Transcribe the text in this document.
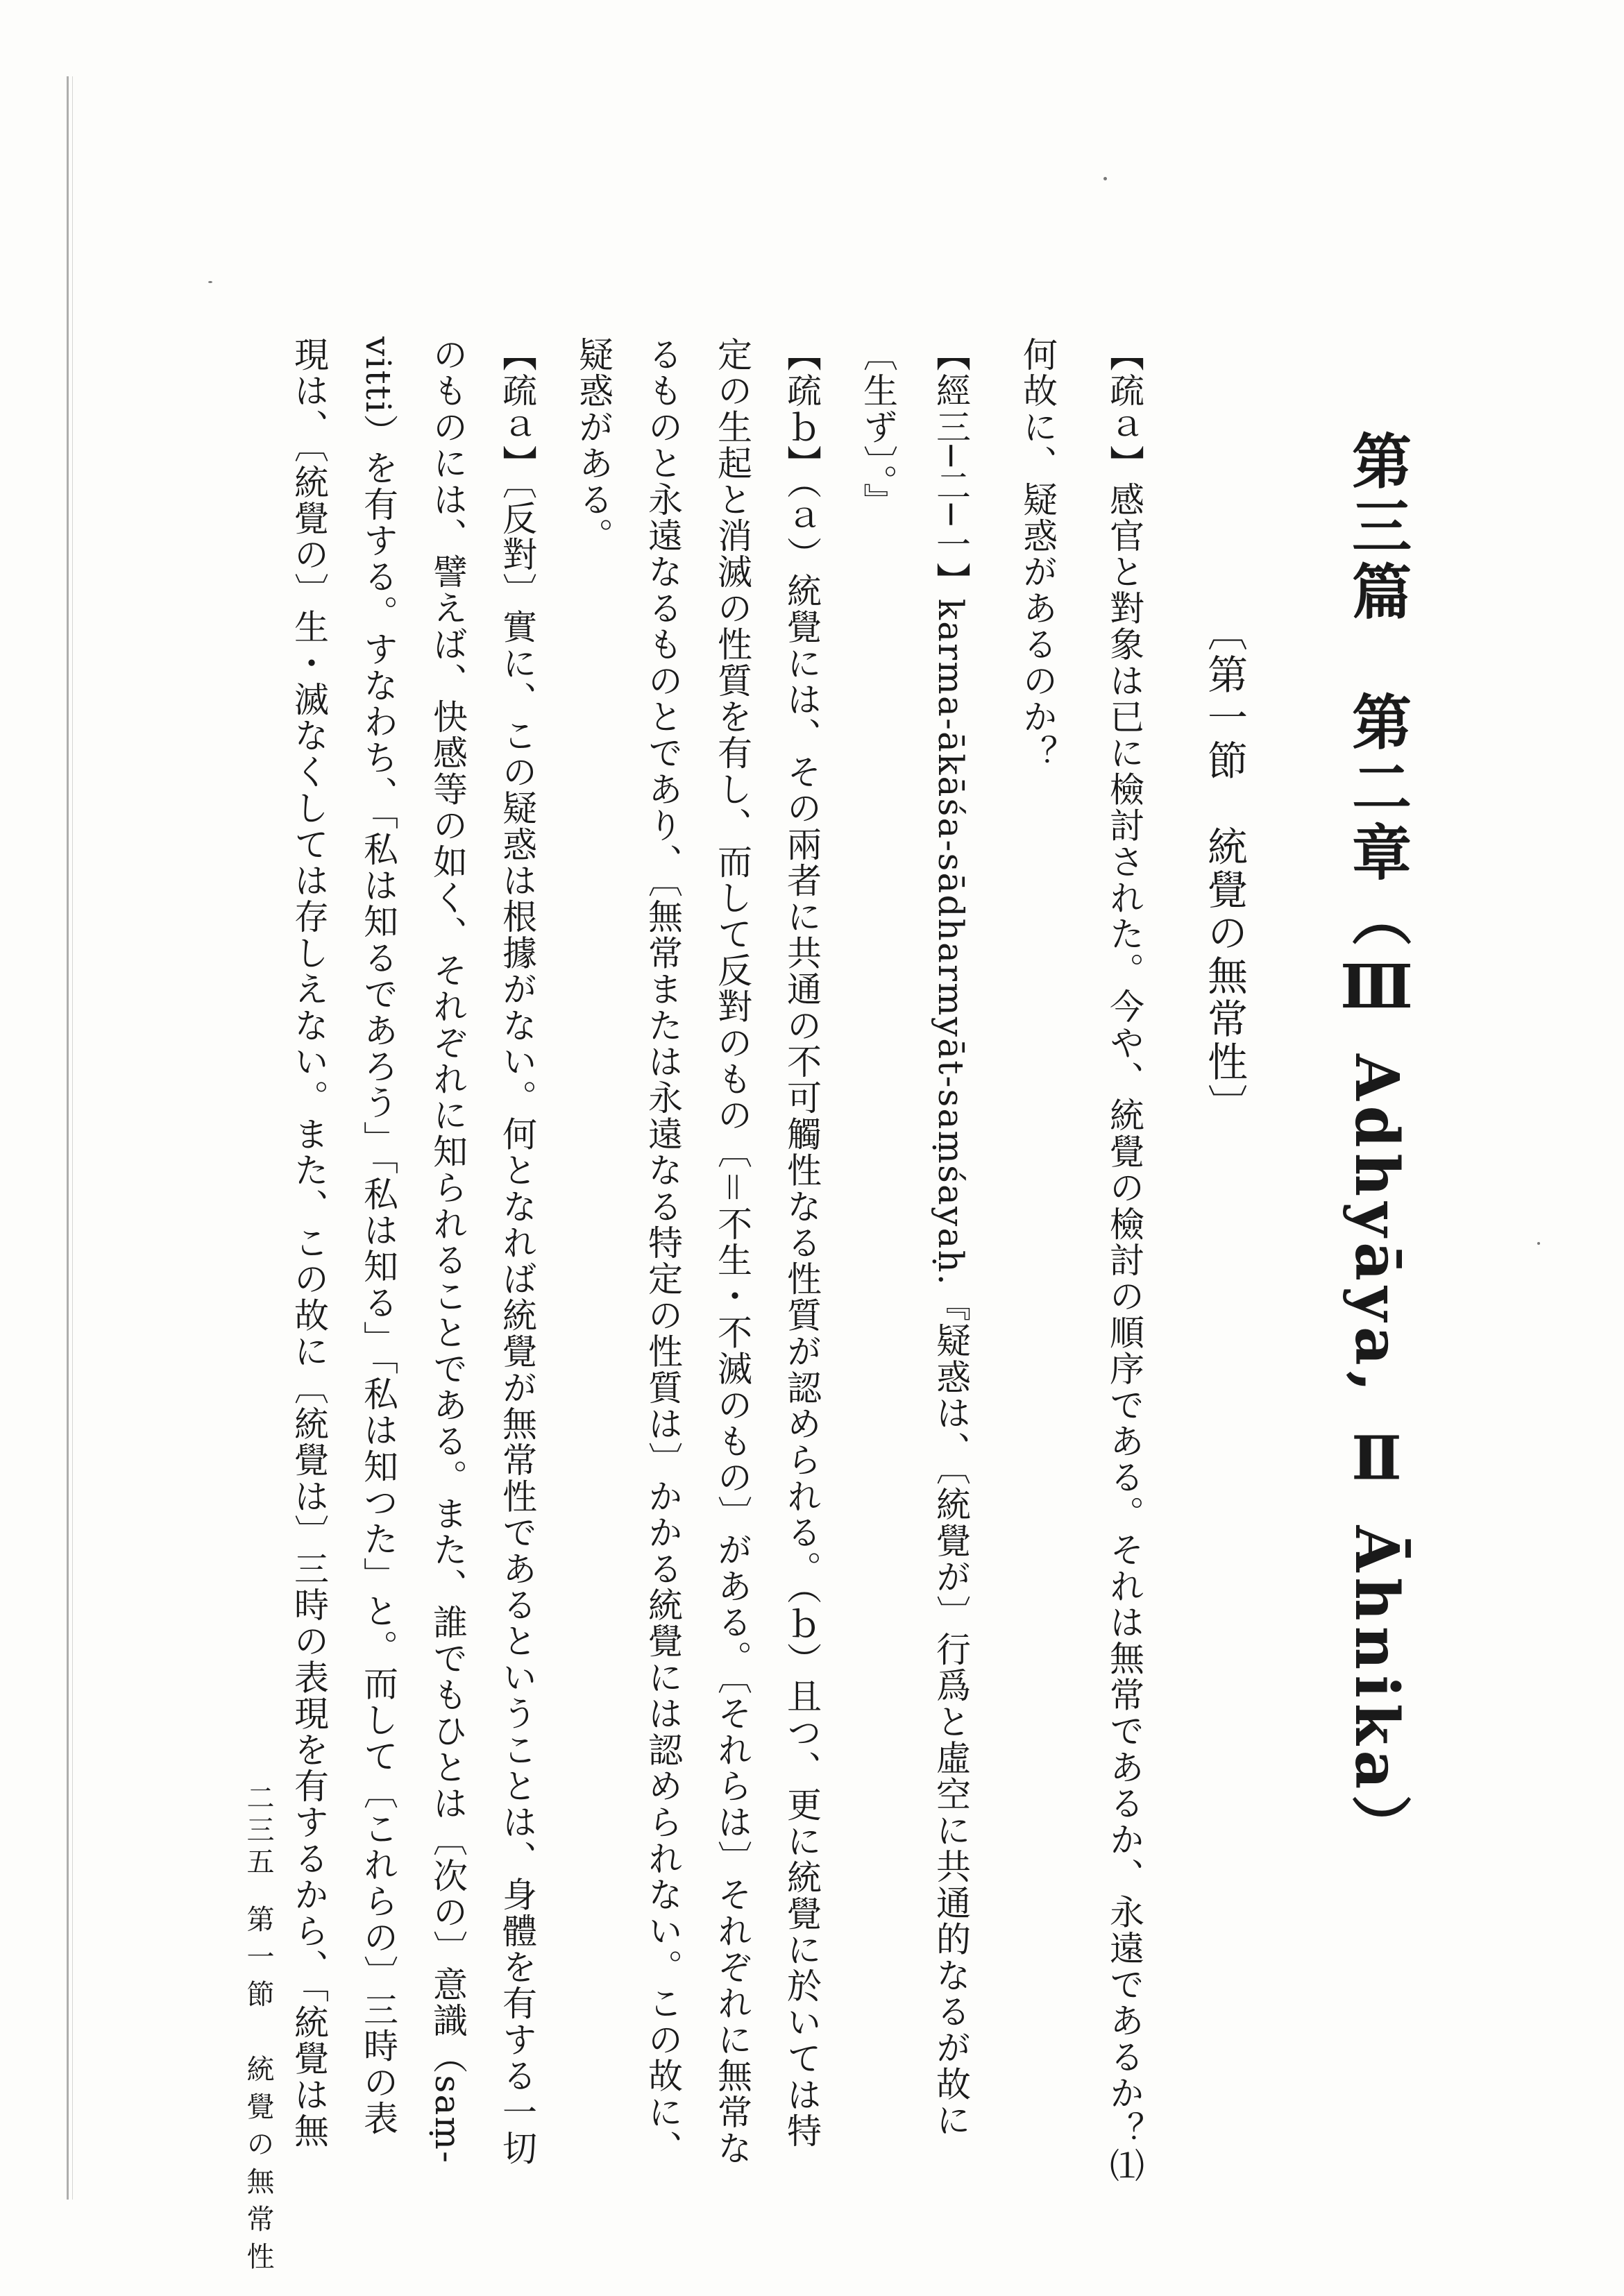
第三篇　第二章（Ⅲ Adhyāya, Ⅱ Āhnika）
〔第一節　統覺の無常性〕
【疏ａ】感官と對象は已に檢討された。今や、統覺の檢討の順序である。それは無常であるか、永遠であるか？⑴
何故に、疑惑があるのか？
【經三─二─一】karma-ākāśa-sādharmyāt-saṃśayaḥ.『疑惑は、〔統覺が〕行爲と虛空に共通的なるが故に
〔生ず〕。』
【疏ｂ】（ａ）統覺には、その兩者に共通の不可觸性なる性質が認められる。（ｂ）且つ、更に統覺に於いては特
定の生起と消滅の性質を有し、而して反對のもの〔＝不生・不滅のもの〕がある。〔それらは〕それぞれに無常な
るものと永遠なるものとであり、〔無常または永遠なる特定の性質は〕かかる統覺には認められない。この故に、
疑惑がある。
【疏ａ】〔反對〕實に、この疑惑は根據がない。何となれば統覺が無常性であるということは、身體を有する一切
のものには、譬えば、快感等の如く、それぞれに知られることである。また、誰でもひとは〔次の〕意識（saṃ-
vitti）を有する。すなわち、「私は知るであろう」「私は知る」「私は知つた」と。而して〔これらの〕三時の表
現は、〔統覺の〕生・滅なくしては存しえない。また、この故に〔統覺は〕三時の表現を有するから、「統覺は無
第一節　統覺の無常性
二三五
